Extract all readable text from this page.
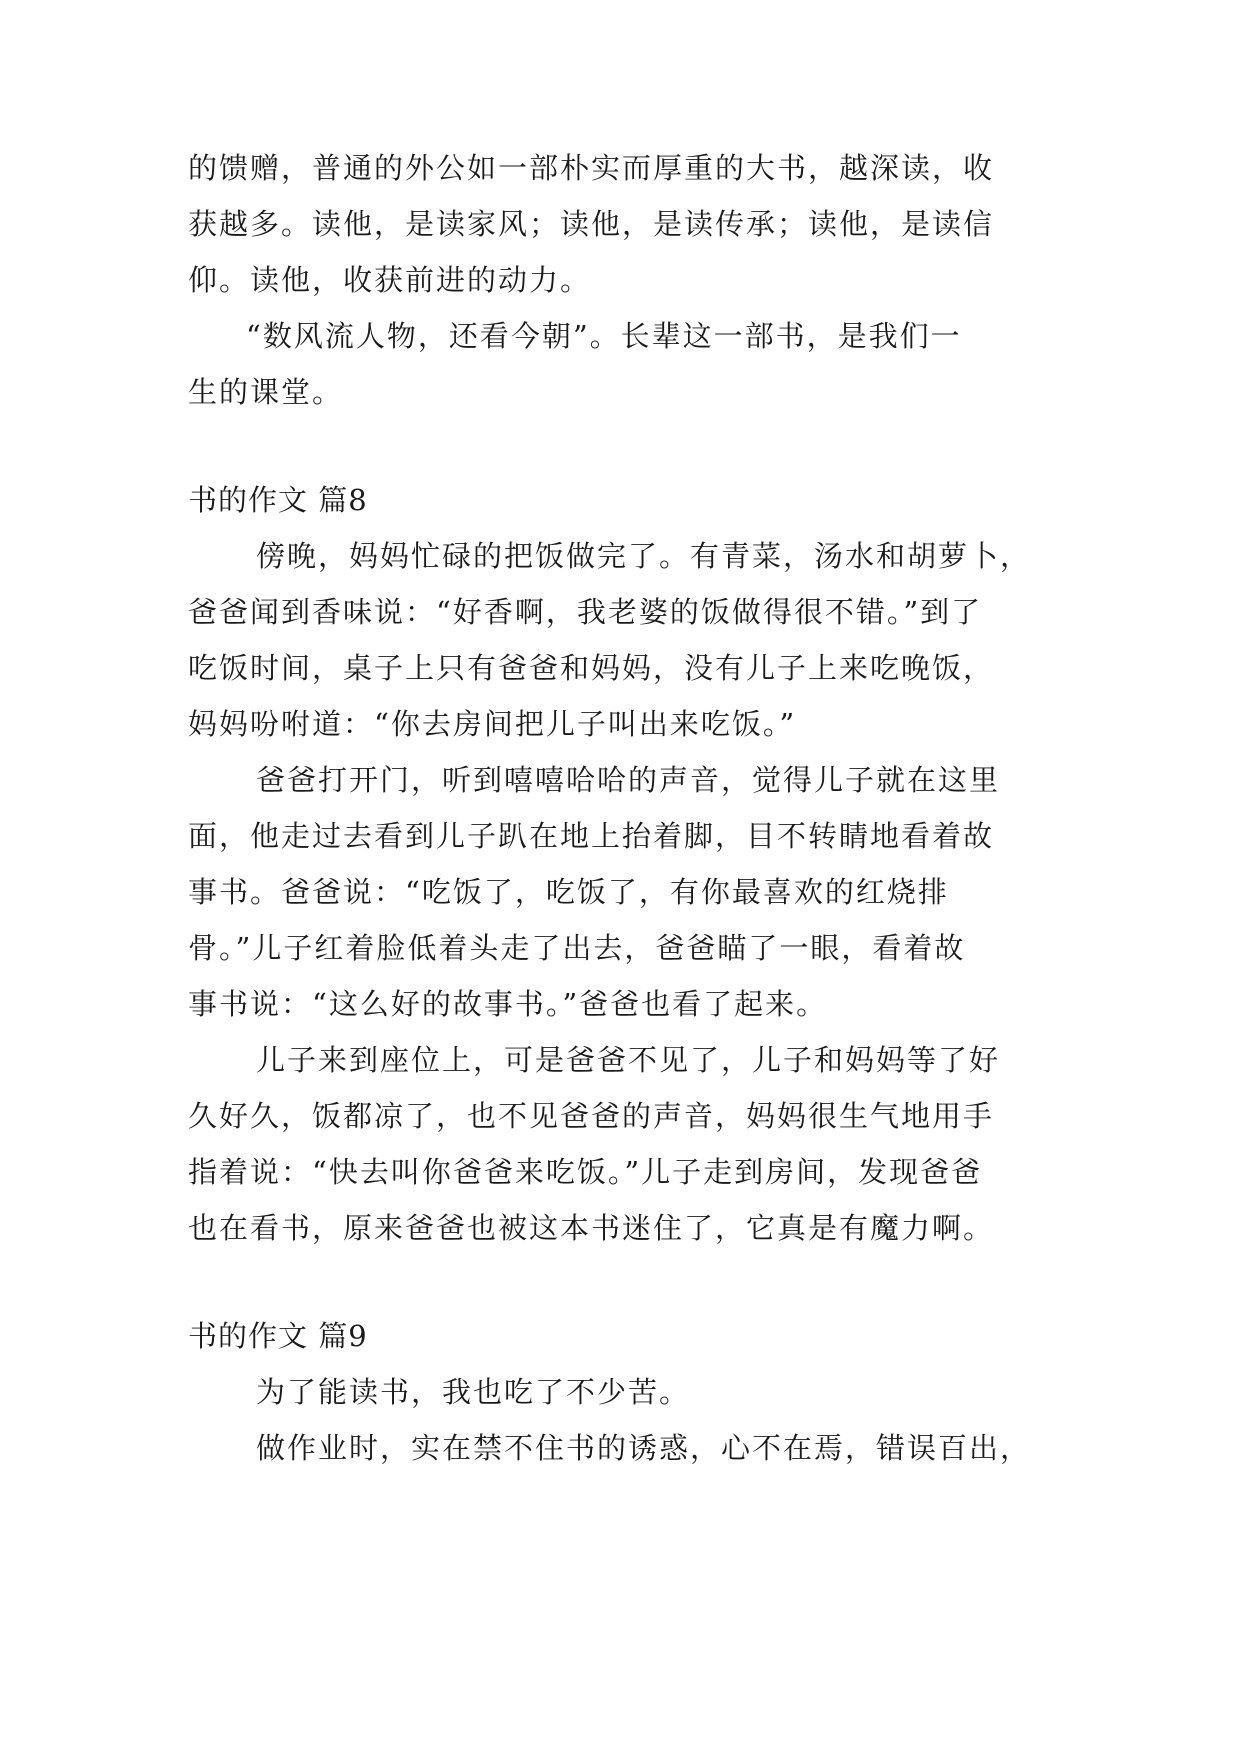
的馈赠，普通的外公如一部朴实而厚重的大书，越深读，收
获越多。读他，是读家风；读他，是读传承；读他，是读信
仰。读他，收获前进的动力。
“数风流人物，还看今朝”。长辈这一部书，是我们一
生的课堂。
书的作文 篇8
傍晚，妈妈忙碌的把饭做完了。有青菜，汤水和胡萝卜，
爸爸闻到香味说：“好香啊，我老婆的饭做得很不错。”到了
吃饭时间，桌子上只有爸爸和妈妈，没有儿子上来吃晚饭，
妈妈吩咐道：“你去房间把儿子叫出来吃饭。”
爸爸打开门，听到嘻嘻哈哈的声音，觉得儿子就在这里
面，他走过去看到儿子趴在地上抬着脚，目不转睛地看着故
事书。爸爸说：“吃饭了，吃饭了，有你最喜欢的红烧排
骨。”儿子红着脸低着头走了出去，爸爸瞄了一眼，看着故
事书说：“这么好的故事书。”爸爸也看了起来。
儿子来到座位上，可是爸爸不见了，儿子和妈妈等了好
久好久，饭都凉了，也不见爸爸的声音，妈妈很生气地用手
指着说：“快去叫你爸爸来吃饭。”儿子走到房间，发现爸爸
也在看书，原来爸爸也被这本书迷住了，它真是有魔力啊。
书的作文 篇9
为了能读书，我也吃了不少苦。
做作业时，实在禁不住书的诱惑，心不在焉，错误百出，
